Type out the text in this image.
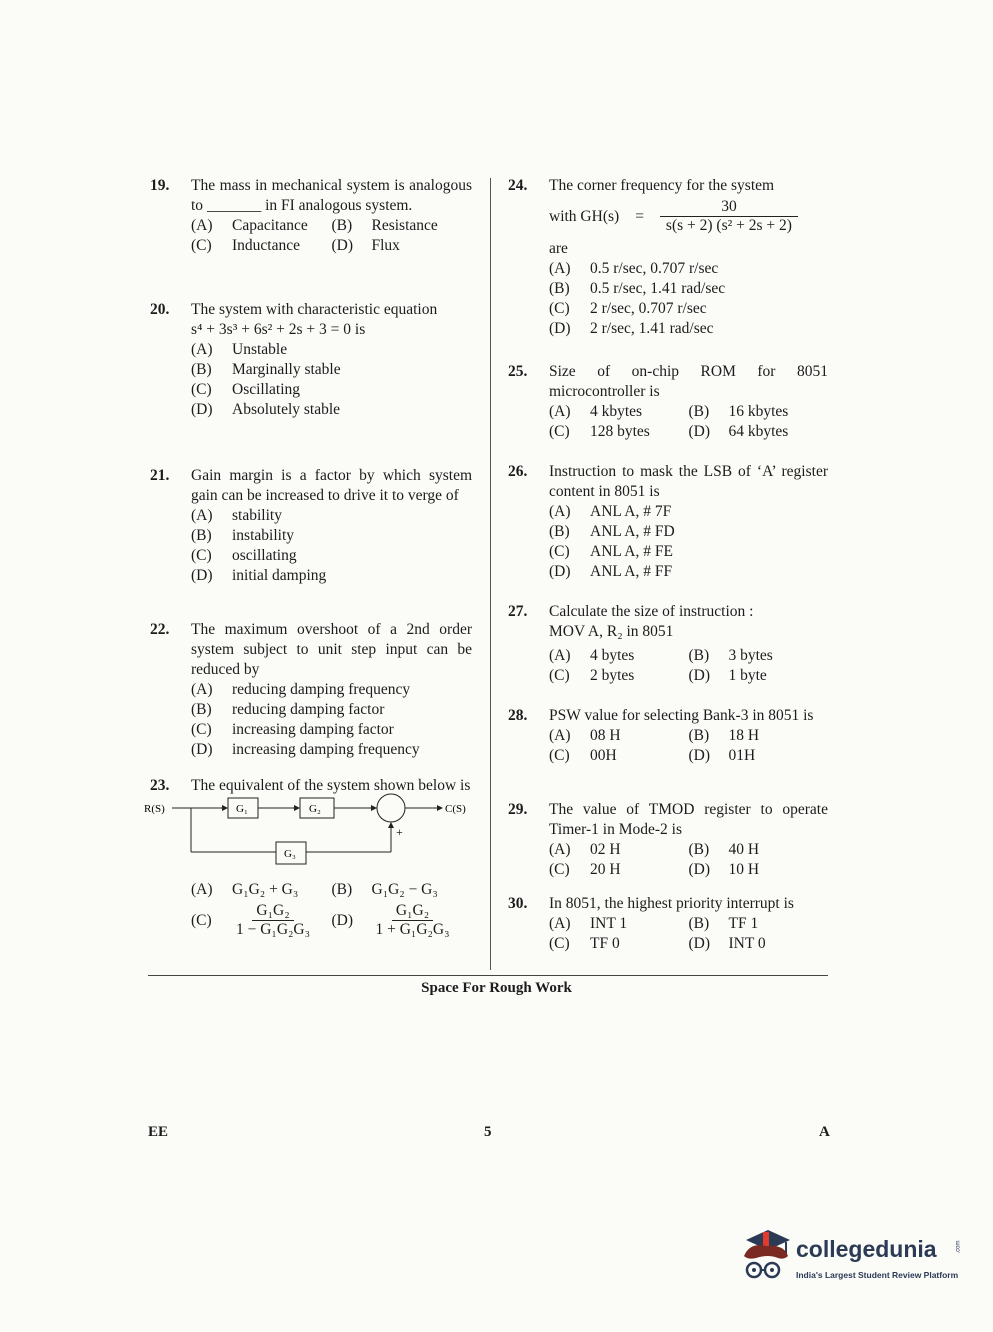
19. The mass in mechanical system is analogous to _______ in FI analogous system.
(A)	Capacitance (B)	Resistance
(C)	Inductance (D)	Flux
20. The system with characteristic equation
s⁴ + 3s³ + 6s² + 2s + 3 = 0 is
(A)	Unstable
(B)	Marginally stable
(C)	Oscillating
(D)	Absolutely stable
21. Gain margin is a factor by which system gain can be increased to drive it to verge of
(A)	stability
(B)	instability
(C)	oscillating
(D)	initial damping
22. The maximum overshoot of a 2nd order system subject to unit step input can be reduced by
(A)	reducing damping frequency
(B)	reducing damping factor
(C)	increasing damping factor
(D)	increasing damping frequency
23. The equivalent of the system shown below is
R(S)	G₁	G₂	C(S)
G₃
+
(A)	G₁G₂ + G₃ (B)	G₁G₂ − G₃
(C)	$\frac{\text{G₁G₂}}{\text{1 − G₁G₂G₃}} (D)$	$\frac{\text{G₁G₂}}{\text{1 + G₁G₂G₃}}$
24. The corner frequency for the system
with $GH(s) = \frac{30}{\text{s(s + 2) (s² + 2s + 2)}}$
are
(A)	0.5 r/sec, 0.707 r/sec
(B)	0.5 r/sec, 1.41 rad/sec
(C)	2 r/sec, 0.707 r/sec
(D)	2 r/sec, 1.41 rad/sec
25. Size of on-chip ROM for 8051 microcontroller is
(A)	4 kbytes	(B)	16 kbytes
(C)	128 bytes (D)	64 kbytes
26. Instruction to mask the LSB of ‘A’ register content in 8051 is
(A)	ANL A, # 7F
(B)	ANL A, # FD
(C)	ANL A, # FE
(D)	ANL A, # FF
27. Calculate the size of instruction :
MOV A, R₂ in 8051
(A)	4 bytes	(B)	3 bytes
(C)	2 bytes	(D)	1 byte
28. PSW value for selecting Bank-3 in 8051 is
(A)	08 H	(B)	18 H
(C)	00H	(D)	01H
29. The value of TMOD register to operate Timer-1 in Mode-2 is
(A)	02 H	(B)	40 H
(C)	20 H	(D)	10 H
30. In 8051, the highest priority interrupt is
(A)	INT 1	(B)	TF 1
(C)	TF 0	(D)	INT 0
Space For Rough Work
EE	5	A
collegedunia	.com
India's Largest Student Review Platform
